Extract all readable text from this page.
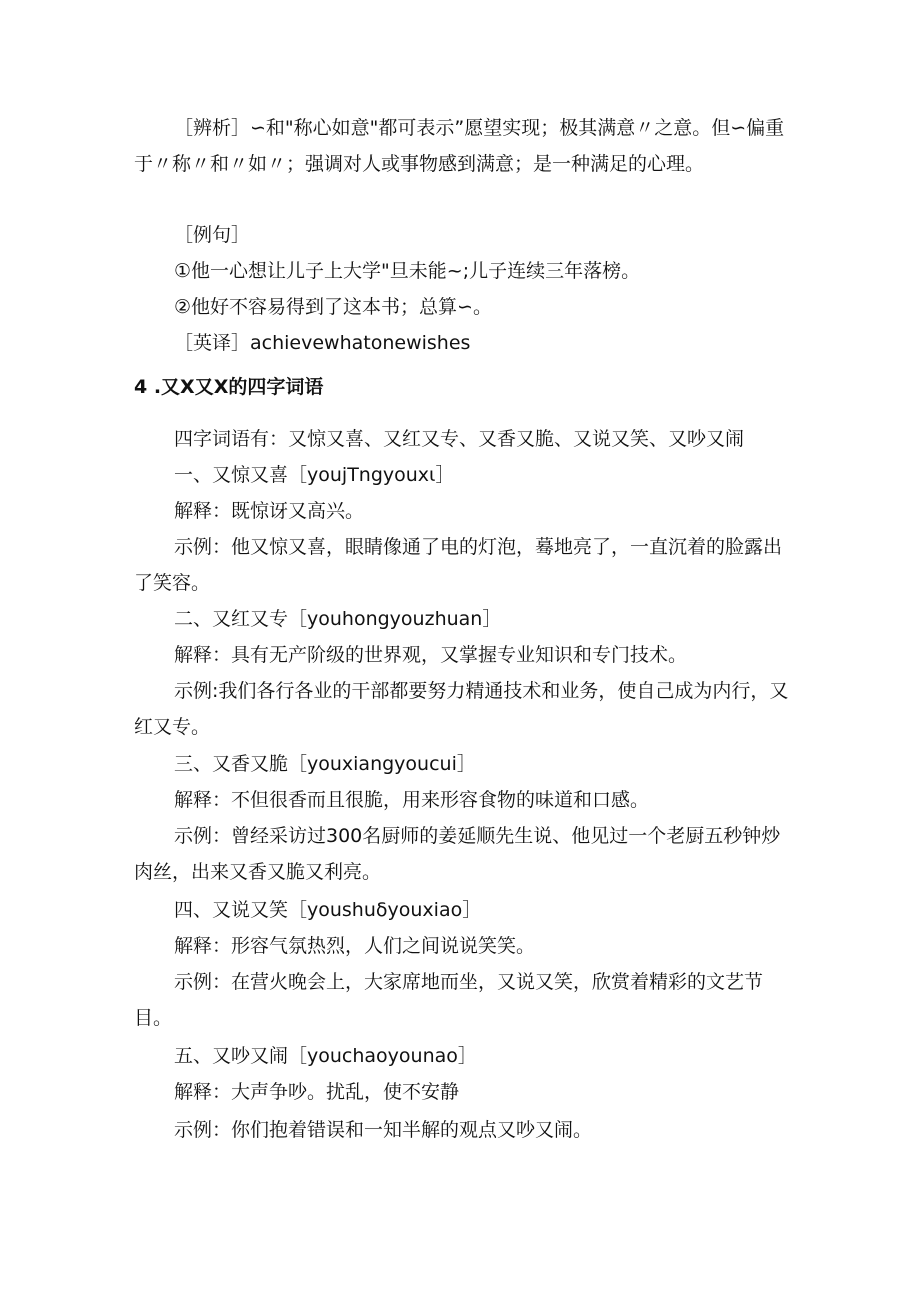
［辨析］∽和"称心如意"都可表示”愿望实现；极其满意〃之意。但∽偏重于〃称〃和〃如〃；强调对人或事物感到满意；是一种满足的心理。
［例句］
①他一心想让儿子上大学"旦未能~;儿子连续三年落榜。
②他好不容易得到了这本书；总算∽。
［英译］achievewhatonewishes
4 .又X又X的四字词语
四字词语有：又惊又喜、又红又专、又香又脆、又说又笑、又吵又闹
一、又惊又喜［youjTngyouxι］
解释：既惊讶又高兴。
示例：他又惊又喜，眼睛像通了电的灯泡，蓦地亮了，一直沉着的脸露出了笑容。
二、又红又专［youhongyouzhuan］
解释：具有无产阶级的世界观，又掌握专业知识和专门技术。
示例:我们各行各业的干部都要努力精通技术和业务，使自己成为内行，又红又专。
三、又香又脆［youxiangyoucui］
解释：不但很香而且很脆，用来形容食物的味道和口感。
示例：曾经采访过300名厨师的姜延顺先生说、他见过一个老厨五秒钟炒肉丝，出来又香又脆又利亮。
四、又说又笑［youshuδyouxiao］
解释：形容气氛热烈，人们之间说说笑笑。
示例：在营火晚会上，大家席地而坐，又说又笑，欣赏着精彩的文艺节目。
五、又吵又闹［youchaoyounao］
解释：大声争吵。扰乱，使不安静
示例：你们抱着错误和一知半解的观点又吵又闹。
